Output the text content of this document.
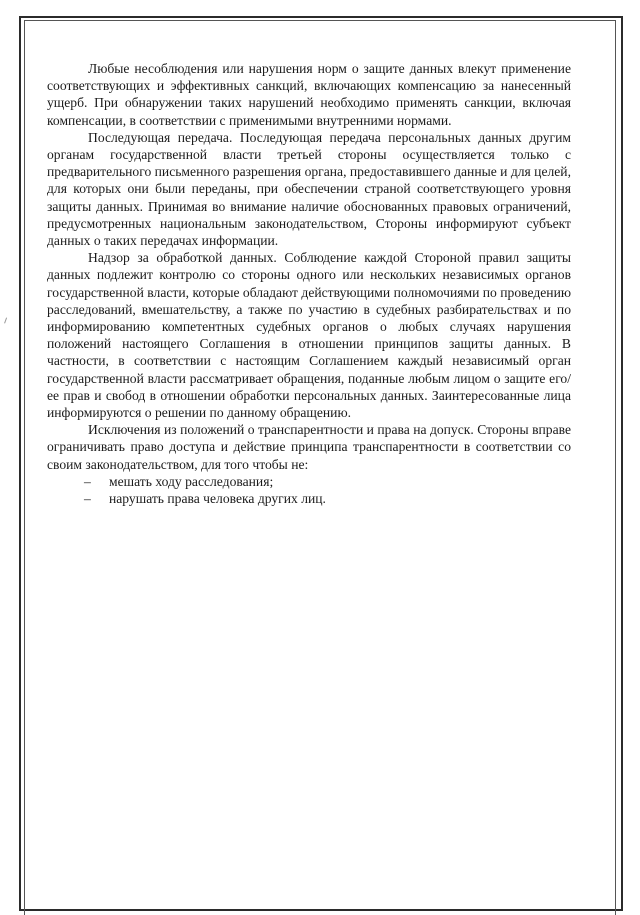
Любые несоблюдения или нарушения норм о защите данных влекут применение соответствующих и эффективных санкций, включающих компенсацию за нанесенный ущерб. При обнаружении таких нарушений необходимо применять санкции, включая компенсации, в соответствии с применимыми внутренними нормами.

Последующая передача. Последующая передача персональных данных другим органам государственной власти третьей стороны осуществляется только с предварительного письменного разрешения органа, предоставившего данные и для целей, для которых они были переданы, при обеспечении страной соответствующего уровня защиты данных. Принимая во внимание наличие обоснованных правовых ограничений, предусмотренных национальным законодательством, Стороны информируют субъект данных о таких передачах информации.

Надзор за обработкой данных. Соблюдение каждой Стороной правил защиты данных подлежит контролю со стороны одного или нескольких независимых органов государственной власти, которые обладают действующими полномочиями по проведению расследований, вмешательству, а также по участию в судебных разбирательствах и по информированию компетентных судебных органов о любых случаях нарушения положений настоящего Соглашения в отношении принципов защиты данных. В частности, в соответствии с настоящим Соглашением каждый независимый орган государственной власти рассматривает обращения, поданные любым лицом о защите его/ее прав и свобод в отношении обработки персональных данных. Заинтересованные лица информируются о решении по данному обращению.

Исключения из положений о транспарентности и права на допуск. Стороны вправе ограничивать право доступа и действие принципа транспарентности в соответствии со своим законодательством, для того чтобы не:

– мешать ходу расследования;
– нарушать права человека других лиц.
